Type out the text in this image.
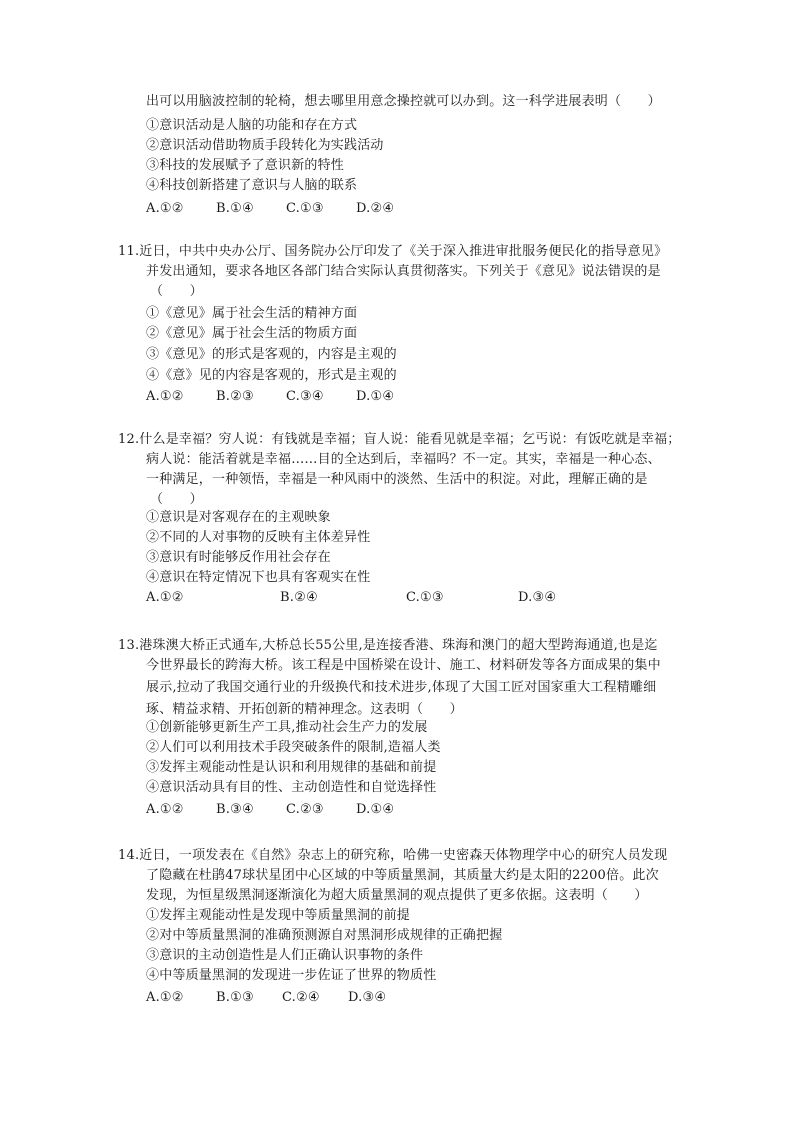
出可以用脑波控制的轮椅，想去哪里用意念操控就可以办到。这一科学进展表明（　　）
①意识活动是人脑的功能和存在方式
②意识活动借助物质手段转化为实践活动
③科技的发展赋予了意识新的特性
④科技创新搭建了意识与人脑的联系
A.①② B.①④ C.①③ D.②④
11.近日，中共中央办公厅、国务院办公厅印发了《关于深入推进审批服务便民化的指导意见》
并发出通知，要求各地区各部门结合实际认真贯彻落实。下列关于《意见》说法错误的是
（　　）
①《意见》属于社会生活的精神方面
②《意见》属于社会生活的物质方面
③《意见》的形式是客观的，内容是主观的
④《意》见的内容是客观的，形式是主观的
A.①② B.②③ C.③④ D.①④
12.什么是幸福？穷人说：有钱就是幸福；盲人说：能看见就是幸福；乞丐说：有饭吃就是幸福；
病人说：能活着就是幸福……目的全达到后，幸福吗？不一定。其实，幸福是一种心态、
一种满足，一种领悟，幸福是一种风雨中的淡然、生活中的积淀。对此，理解正确的是
（　　）
①意识是对客观存在的主观映象
②不同的人对事物的反映有主体差异性
③意识有时能够反作用社会存在
④意识在特定情况下也具有客观实在性
A.①②	B.②④	C.①③	D.③④
13.港珠澳大桥正式通车,大桥总长55公里,是连接香港、珠海和澳门的超大型跨海通道,也是迄
今世界最长的跨海大桥。该工程是中国桥梁在设计、施工、材料研发等各方面成果的集中
展示,拉动了我国交通行业的升级换代和技术进步,体现了大国工匠对国家重大工程精雕细
琢、精益求精、开拓创新的精神理念。这表明（　　）
①创新能够更新生产工具,推动社会生产力的发展
②人们可以利用技术手段突破条件的限制,造福人类
③发挥主观能动性是认识和利用规律的基础和前提
④意识活动具有目的性、主动创造性和自觉选择性
A.①② B.③④ C.②③ D.①④
14.近日，一项发表在《自然》杂志上的研究称，哈佛一史密森天体物理学中心的研究人员发现
了隐藏在杜鹃47球状星团中心区域的中等质量黑洞，其质量大约是太阳的2200倍。此次
发现，为恒星级黑洞逐渐演化为超大质量黑洞的观点提供了更多依据。这表明（　　）
①发挥主观能动性是发现中等质量黑洞的前提
②对中等质量黑洞的准确预测源自对黑洞形成规律的正确把握
③意识的主动创造性是人们正确认识事物的条件
④中等质量黑洞的发现进一步佐证了世界的物质性
A.①② B.①③ C.②④ D.③④
